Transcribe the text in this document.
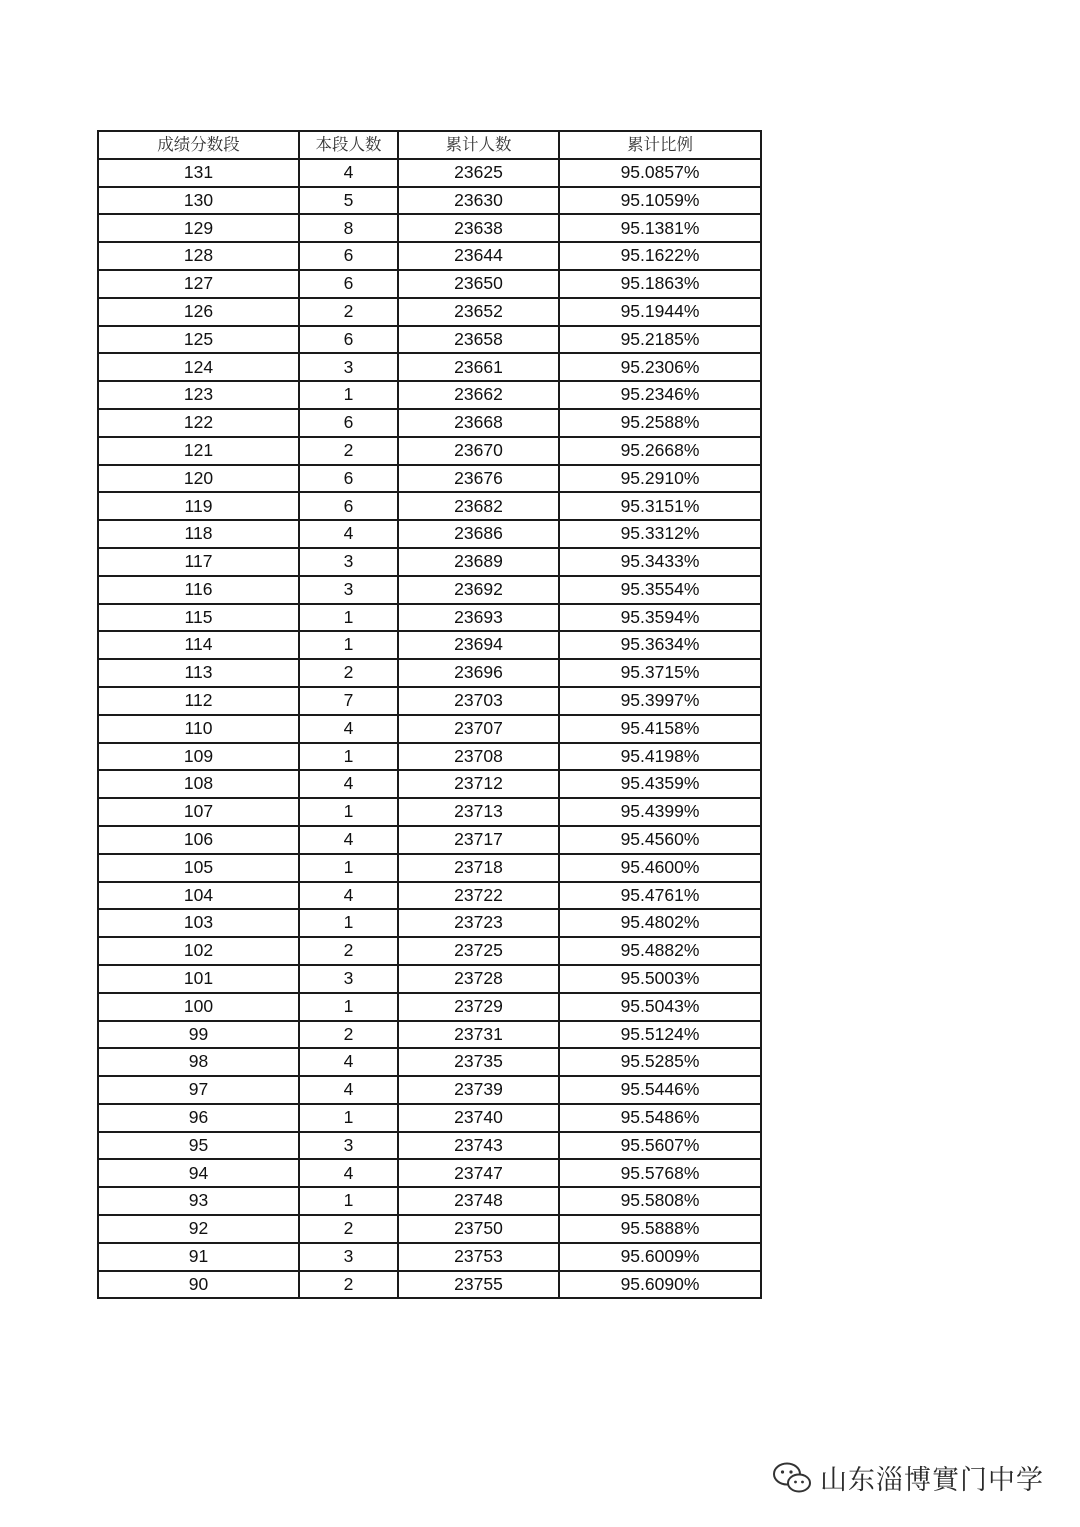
成绩分数段	本段人数	累计人数	累计比例
131	4	23625	95.0857%
130	5	23630	95.1059%
129	8	23638	95.1381%
128	6	23644	95.1622%
127	6	23650	95.1863%
126	2	23652	95.1944%
125	6	23658	95.2185%
124	3	23661	95.2306%
123	1	23662	95.2346%
122	6	23668	95.2588%
121	2	23670	95.2668%
120	6	23676	95.2910%
119	6	23682	95.3151%
118	4	23686	95.3312%
117	3	23689	95.3433%
116	3	23692	95.3554%
115	1	23693	95.3594%
114	1	23694	95.3634%
113	2	23696	95.3715%
112	7	23703	95.3997%
110	4	23707	95.4158%
109	1	23708	95.4198%
108	4	23712	95.4359%
107	1	23713	95.4399%
106	4	23717	95.4560%
105	1	23718	95.4600%
104	4	23722	95.4761%
103	1	23723	95.4802%
102	2	23725	95.4882%
101	3	23728	95.5003%
100	1	23729	95.5043%
99	2	23731	95.5124%
98	4	23735	95.5285%
97	4	23739	95.5446%
96	1	23740	95.5486%
95	3	23743	95.5607%
94	4	23747	95.5768%
93	1	23748	95.5808%
92	2	23750	95.5888%
91	3	23753	95.6009%
90	2	23755	95.6090%
山东淄博實门中学
